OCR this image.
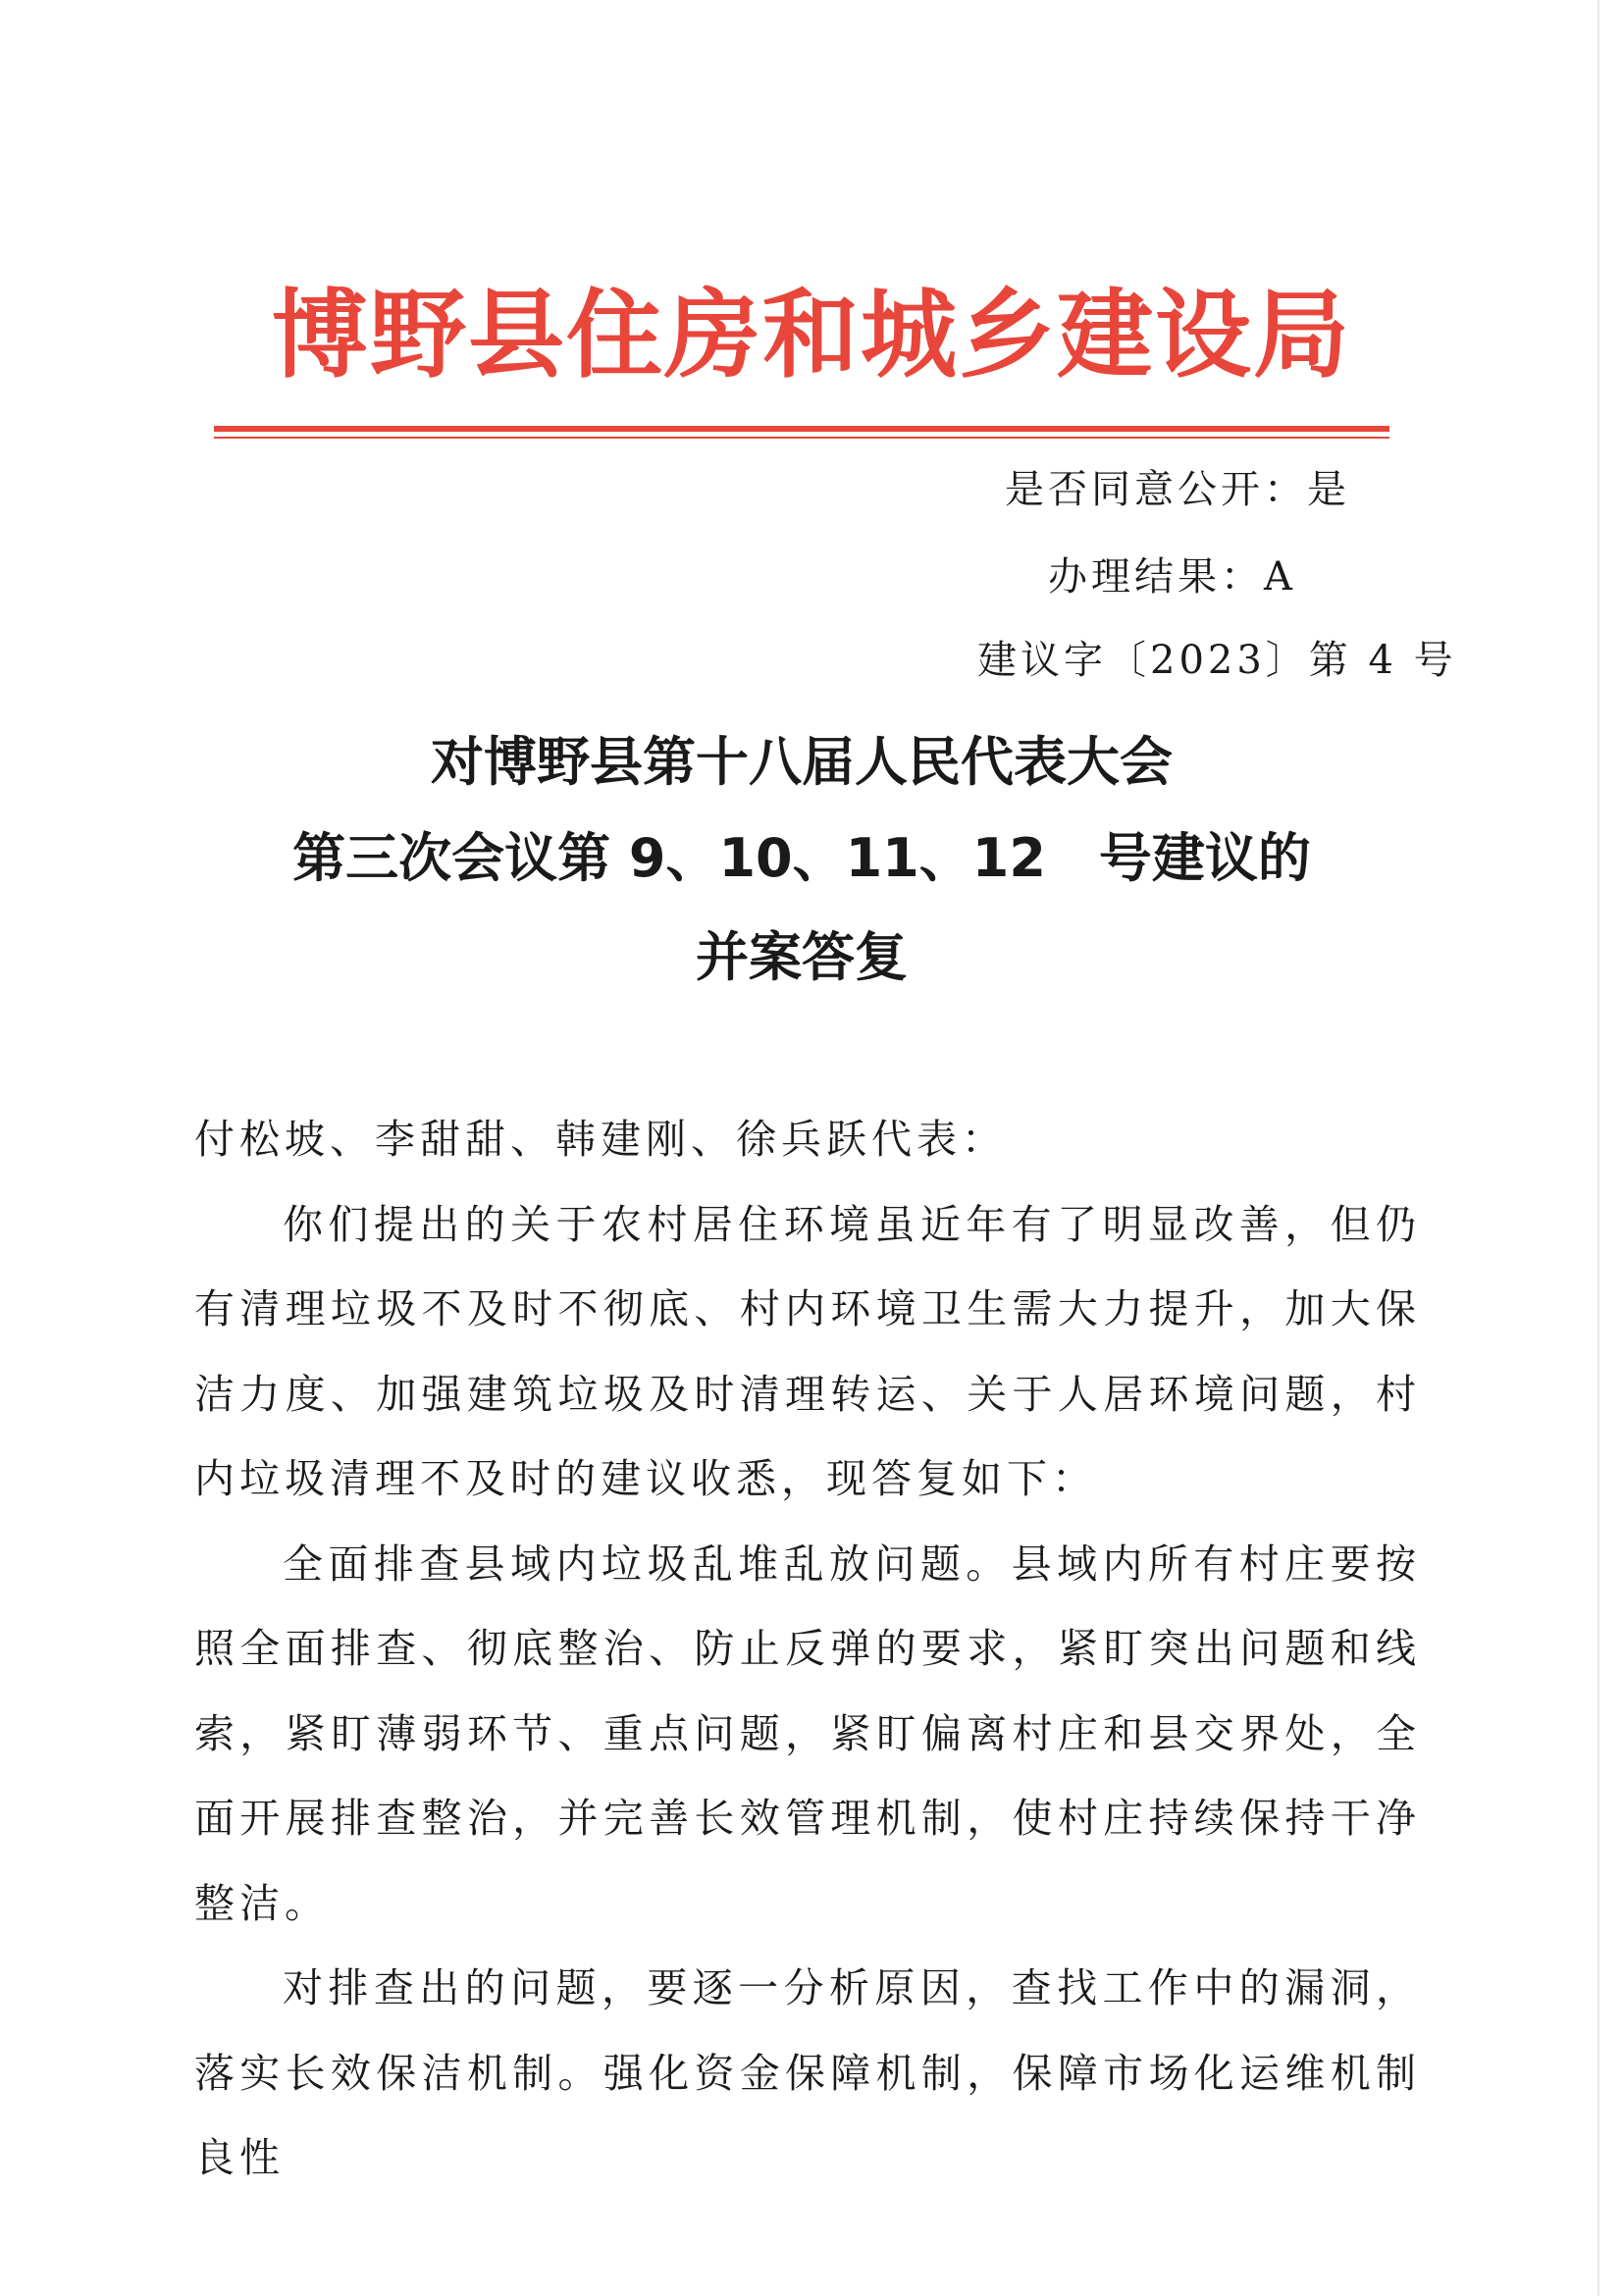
博野县住房和城乡建设局
是否同意公开：是
办理结果：A
建议字〔2023〕第 4 号
对博野县第十八届人民代表大会
第三次会议第 9、10、11、12　号建议的
并案答复

付松坡、李甜甜、韩建刚、徐兵跃代表：

你们提出的关于农村居住环境虽近年有了明显改善，但仍有清理垃圾不及时不彻底、村内环境卫生需大力提升，加大保洁力度、加强建筑垃圾及时清理转运、关于人居环境问题，村内垃圾清理不及时的建议收悉，现答复如下：

全面排查县域内垃圾乱堆乱放问题。县域内所有村庄要按照全面排查、彻底整治、防止反弹的要求，紧盯突出问题和线索，紧盯薄弱环节、重点问题，紧盯偏离村庄和县交界处，全面开展排查整治，并完善长效管理机制，使村庄持续保持干净整洁。

对排查出的问题，要逐一分析原因，查找工作中的漏洞，落实长效保洁机制。强化资金保障机制，保障市场化运维机制良性
